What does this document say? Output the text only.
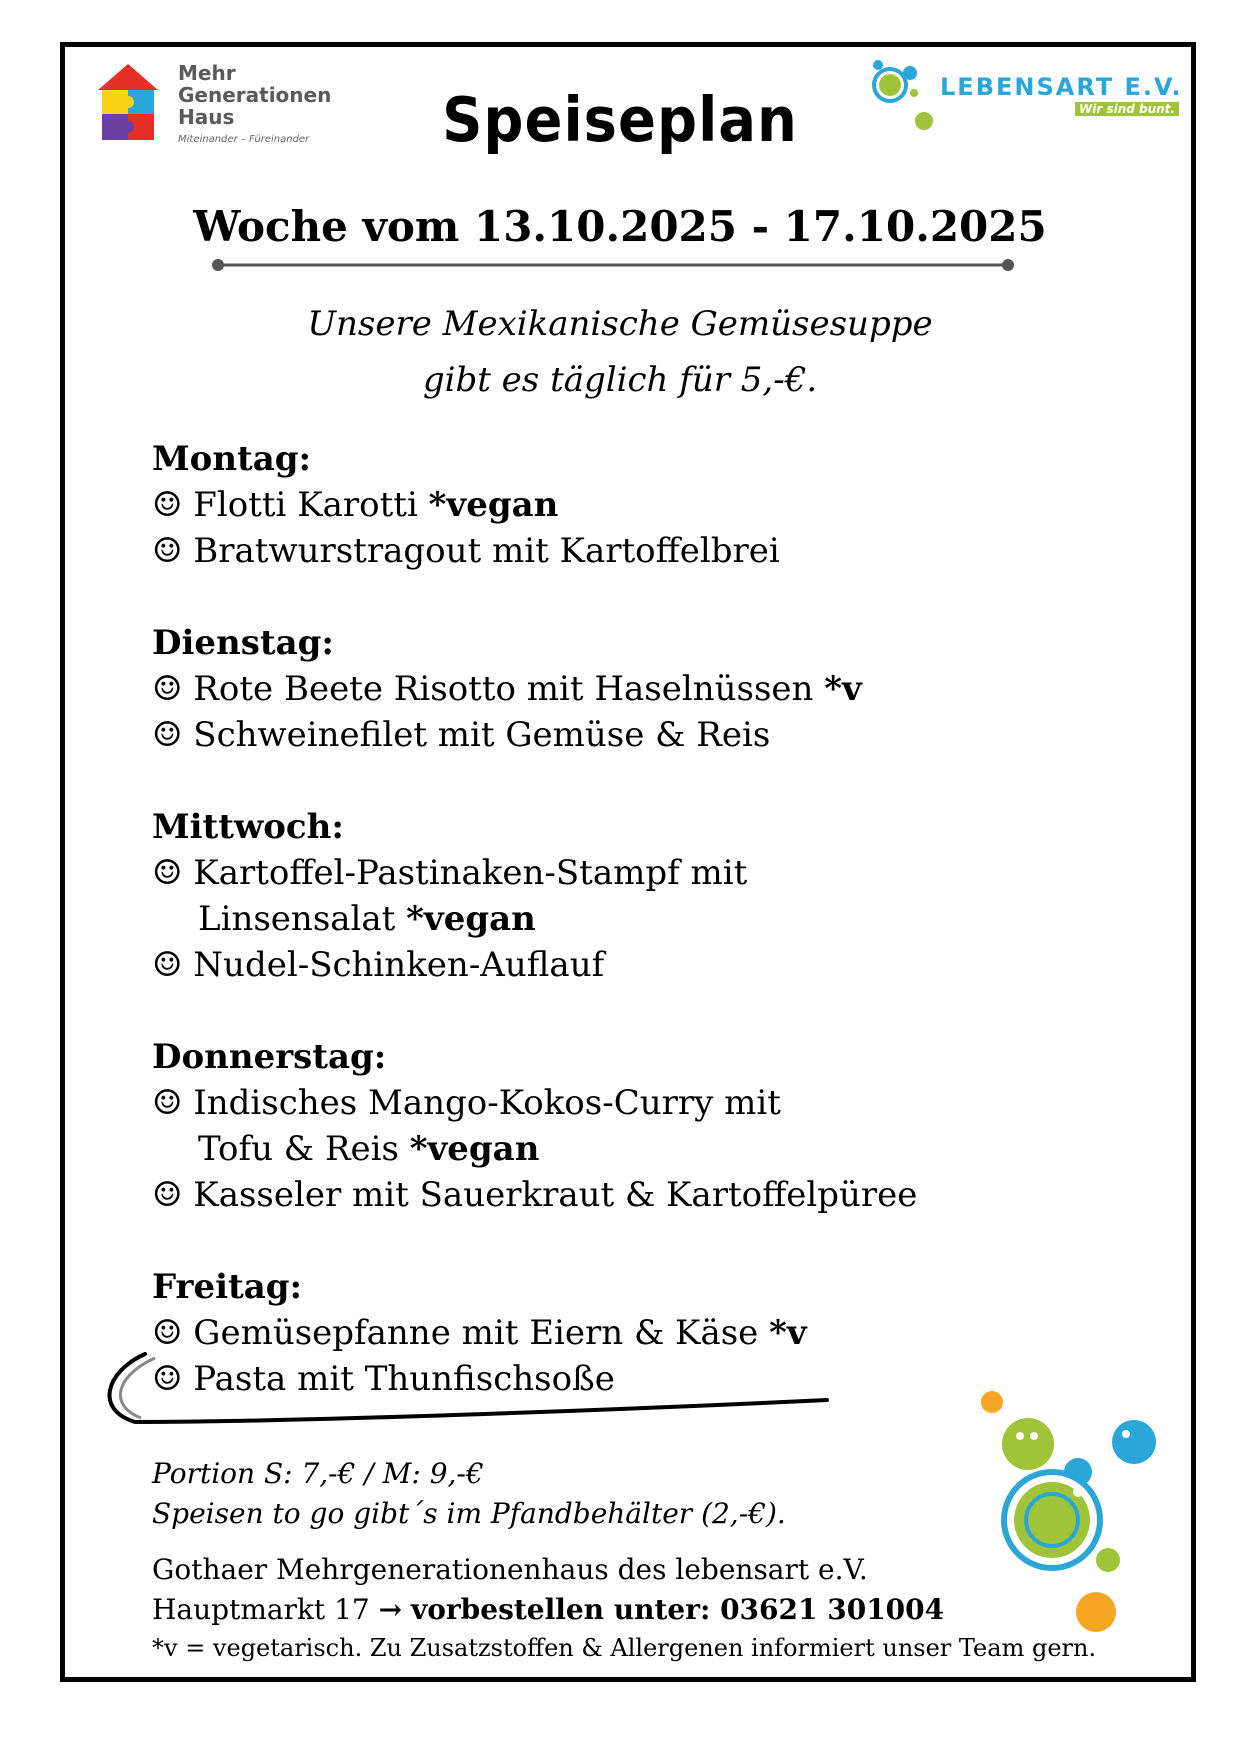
Mehr
Generationen
Haus
Miteinander – Füreinander	Speiseplan	LEBENSART E.V.
Wir sind bunt.
Woche vom 13.10.2025 - 17.10.2025
Unsere Mexikanische Gemüsesuppe
gibt es täglich für 5,-€.
Montag:
☺ Flotti Karotti *vegan
☺ Bratwurstragout mit Kartoffelbrei
Dienstag:
☺ Rote Beete Risotto mit Haselnüssen *v
☺ Schweinefilet mit Gemüse & Reis
Mittwoch:
☺ Kartoffel-Pastinaken-Stampf mit
Linsensalat *vegan
☺ Nudel-Schinken-Auflauf
Donnerstag:
☺ Indisches Mango-Kokos-Curry mit
Tofu & Reis *vegan
☺ Kasseler mit Sauerkraut & Kartoffelpüree
Freitag:
☺ Gemüsepfanne mit Eiern & Käse *v
☺ Pasta mit Thunfischsoße
Portion S: 7,-€ / M: 9,-€
Speisen to go gibt´s im Pfandbehälter (2,-€).
Gothaer Mehrgenerationenhaus des lebensart e.V.
Hauptmarkt 17 → vorbestellen unter: 03621 301004
*v = vegetarisch. Zu Zusatzstoffen & Allergenen informiert unser Team gern.
